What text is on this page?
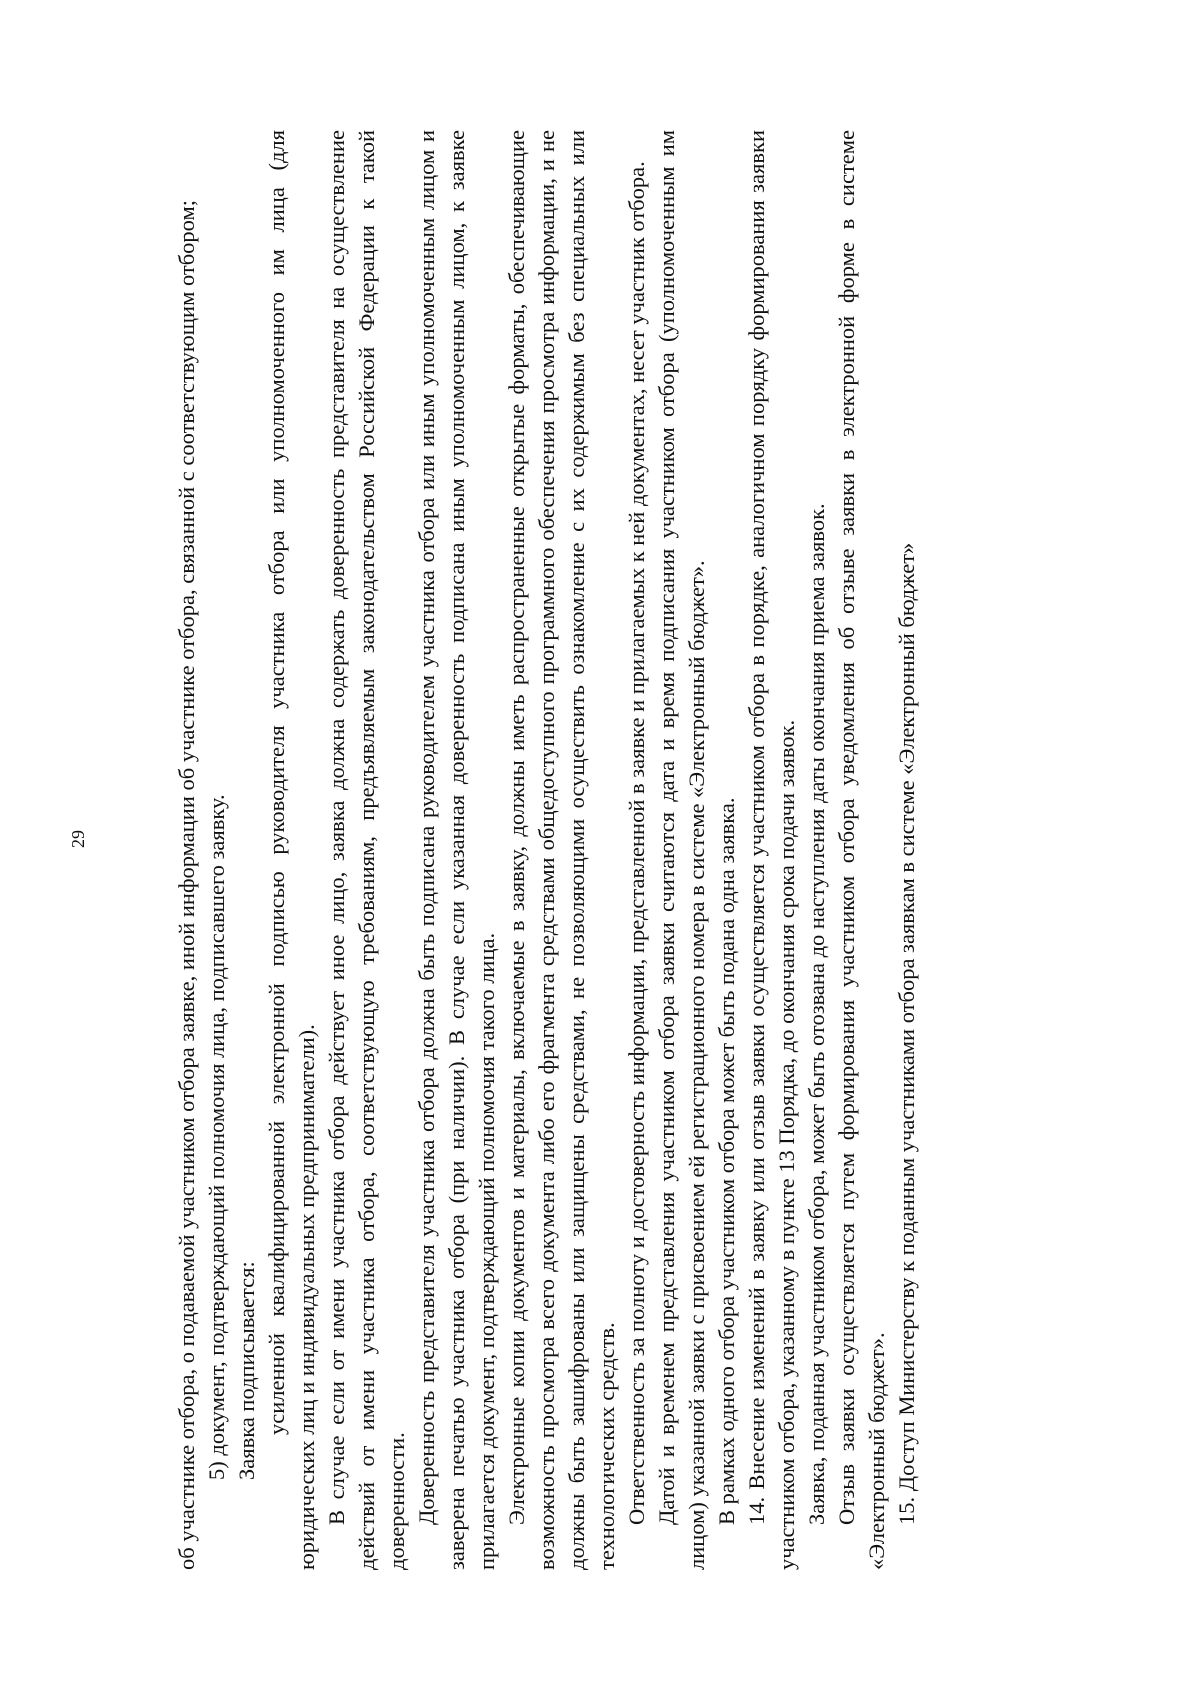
29	об участнике отбора, о подаваемой участником отбора заявке, иной информации об участнике отбора, связанной с соответствующим отбором; 5) документ, подтверждающий полномочия лица, подписавшего заявку. Заявка подписывается: усиленной квалифицированной электронной подписью руководителя участника отбора или уполномоченного им лица (для юридических лиц и индивидуальных предприниматели). В случае если от имени участника отбора действует иное лицо, заявка должна содержать доверенность представителя на осуществление действий от имени участника отбора, соответствующую требованиям, предъявляемым законодательством Российской Федерации к такой доверенности. Доверенность представителя участника отбора должна быть подписана руководителем участника отбора или иным уполномоченным лицом и заверена печатью участника отбора (при наличии). В случае если указанная доверенность подписана иным уполномоченным лицом, к заявке прилагается документ, подтверждающий полномочия такого лица. Электронные копии документов и материалы, включаемые в заявку, должны иметь распространенные открытые форматы, обеспечивающие возможность просмотра всего документа либо его фрагмента средствами общедоступного программного обеспечения просмотра информации, и не должны быть зашифрованы или защищены средствами, не позволяющими осуществить ознакомление с их содержимым без специальных или технологических средств. Ответственность за полноту и достоверность информации, представленной в заявке и прилагаемых к ней документах, несет участник отбора. Датой и временем представления участником отбора заявки считаются дата и время подписания участником отбора (уполномоченным им лицом) указанной заявки с присвоением ей регистрационного номера в системе «Электронный бюджет». В рамках одного отбора участником отбора может быть подана одна заявка. 14. Внесение изменений в заявку или отзыв заявки осуществляется участником отбора в порядке, аналогичном порядку формирования заявки участником отбора, указанному в пункте 13 Порядка, до окончания срока подачи заявок. Заявка, поданная участником отбора, может быть отозвана до наступления даты окончания приема заявок. Отзыв заявки осуществляется путем формирования участником отбора уведомления об отзыве заявки в электронной форме в системе «Электронный бюджет». 15. Доступ Министерству к поданным участниками отбора заявкам в системе «Электронный бюджет»
